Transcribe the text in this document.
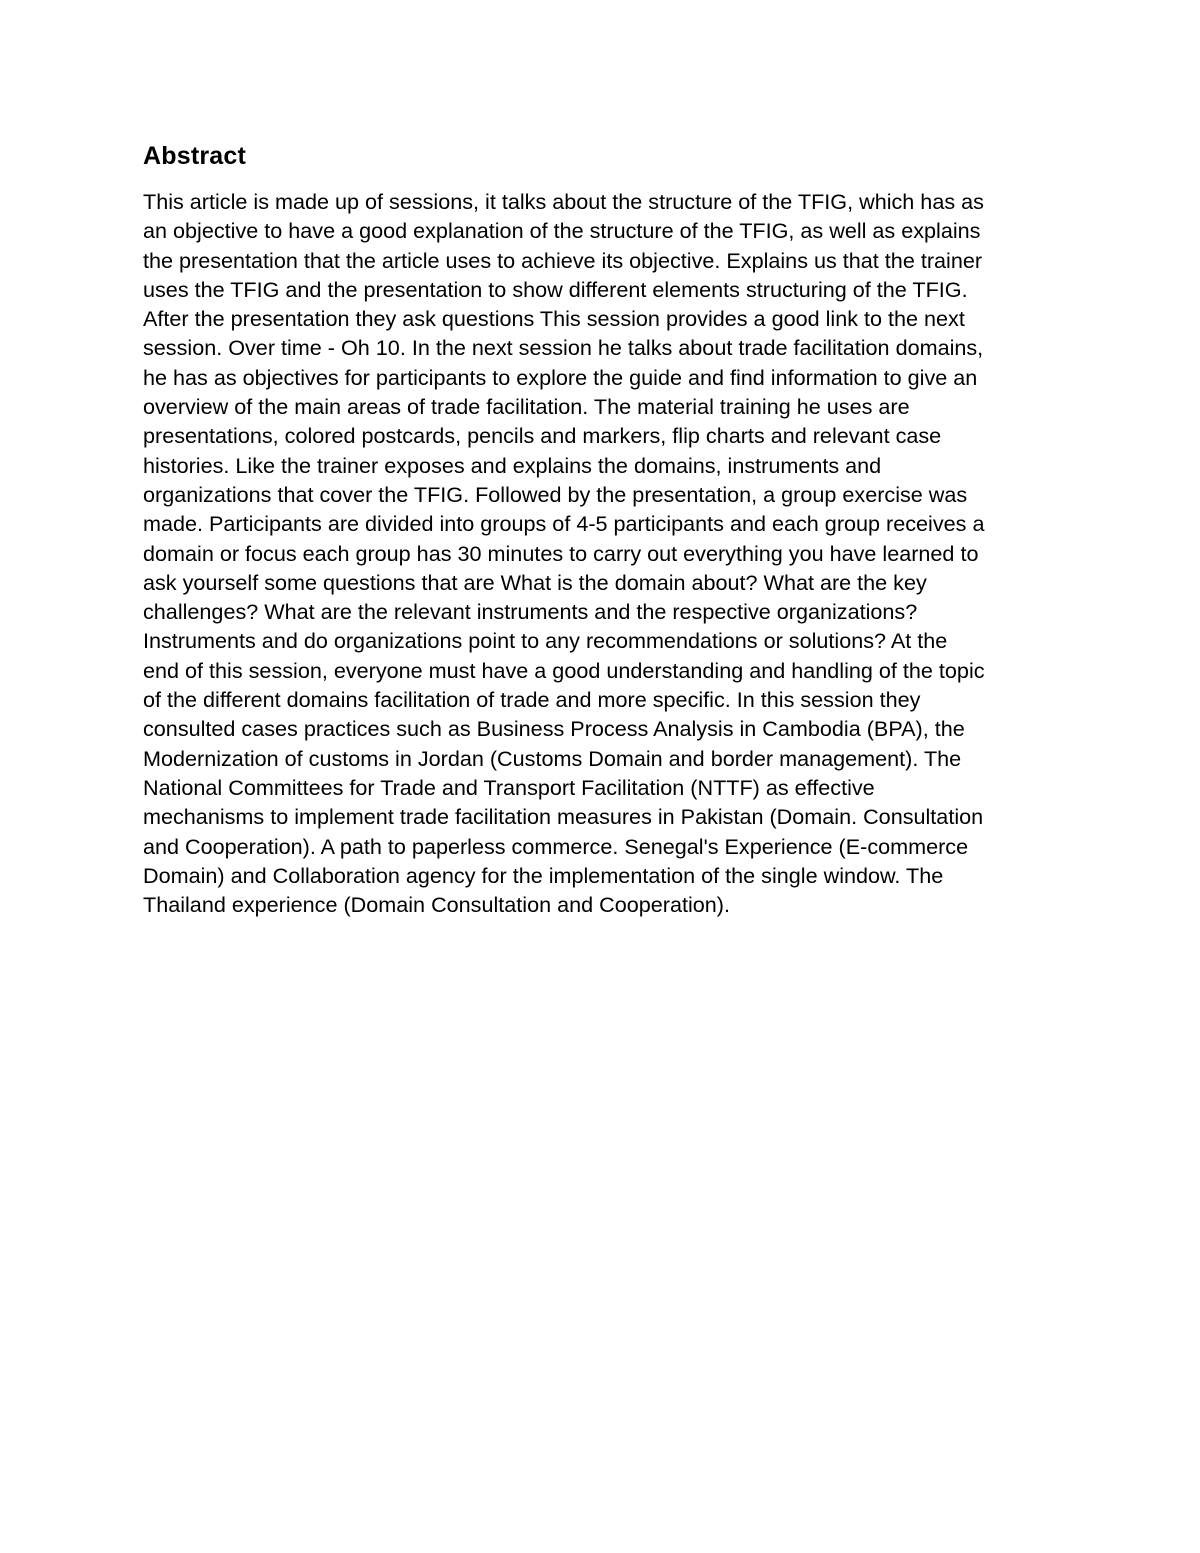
Abstract

This article is made up of sessions, it talks about the structure of the TFIG, which has as
an objective to have a good explanation of the structure of the TFIG, as well as explains
the presentation that the article uses to achieve its objective. Explains us that the trainer
uses the TFIG and the presentation to show different elements structuring of the TFIG.
After the presentation they ask questions This session provides a good link to the next
session. Over time - Oh 10. In the next session he talks about trade facilitation domains,
he has as objectives for participants to explore the guide and find information to give an
overview of the main areas of trade facilitation. The material training he uses are
presentations, colored postcards, pencils and markers, flip charts and relevant case
histories. Like the trainer exposes and explains the domains, instruments and
organizations that cover the TFIG. Followed by the presentation, a group exercise was
made. Participants are divided into groups of 4-5 participants and each group receives a
domain or focus each group has 30 minutes to carry out everything you have learned to
ask yourself some questions that are What is the domain about? What are the key
challenges? What are the relevant instruments and the respective organizations?
Instruments and do organizations point to any recommendations or solutions? At the
end of this session, everyone must have a good understanding and handling of the topic
of the different domains facilitation of trade and more specific. In this session they
consulted cases practices such as Business Process Analysis in Cambodia (BPA), the
Modernization of customs in Jordan (Customs Domain and border management). The
National Committees for Trade and Transport Facilitation (NTTF) as effective
mechanisms to implement trade facilitation measures in Pakistan (Domain. Consultation
and Cooperation). A path to paperless commerce. Senegal's Experience (E-commerce
Domain) and Collaboration agency for the implementation of the single window. The
Thailand experience (Domain Consultation and Cooperation).
